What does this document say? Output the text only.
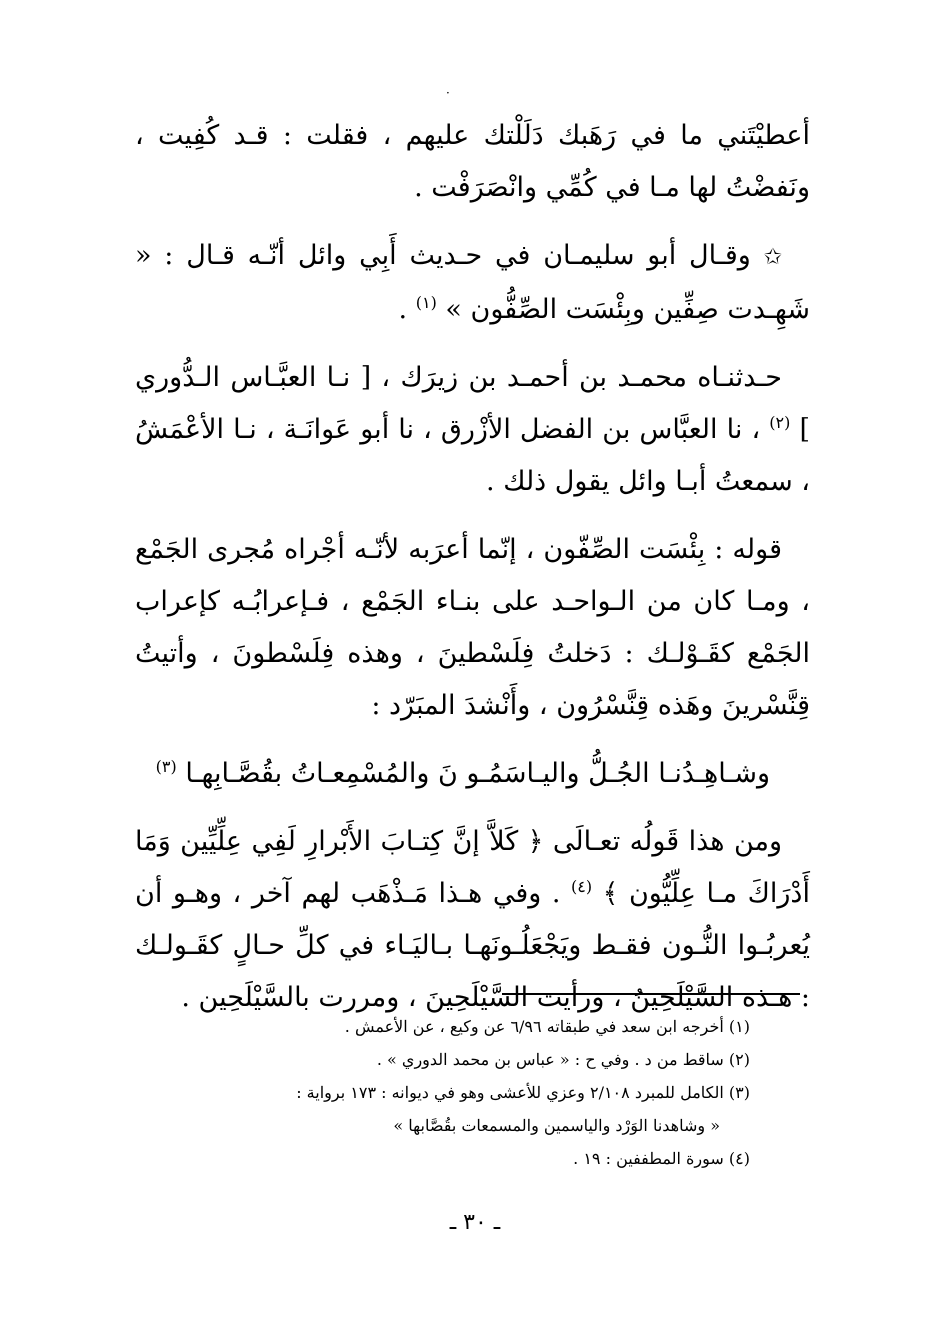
·

أعطيْتَني ما في رَهَبك دَلَلْتك عليهم ، فقلت : قـد كُفِيت ، ونَفضْتُ لها مـا في كُمِّي وانْصَرَفْت .

✩ وقـال أبو سليمـان في حـديث أَبِي وائل أنّـه قـال : « شَهِـدت صِفِّين وبِئْسَت الصِّفُّون » $^{(١)}$ .

حـدثنـاه محمـد بن أحمـد بن زيرَك ، [ نـا العبَّـاس الـدُّوري ] $^{(٢)}$ ، نا العبَّاس بن الفضل الأزْرق ، نا أبو عَوانَـة ، نـا الأعْمَشُ ، سمعتُ أبـا وائل يقول ذلك .

قوله : بِئْسَت الصِّفّون ، إنّما أعرَبه لأنّـه أجْراه مُجرى الجَمْع ، ومـا كان من الـواحـد على بنـاء الجَمْع ، فـإعرابُـه كإعراب الجَمْع كقَـوْلـك : دَخلتُ فِلَسْطينَ ، وهذه فِلَسْطونَ ، وأتيتُ قِنَّسْرينَ وهَذه قِنَّسْرُون ، وأَنْشدَ المبَرّد :

وشـاهِـدُنـا الجُـلُّ واليـاسَمُـو نَ والمُسْمِعـاتُ بقُصَّـابِهـا $^{(٣)}$

ومن هذا قَولُه تعـالَى ﴿ كَلاَّ إنَّ كِتـابَ الأَبْرارِ لَفِي عِلِّيِّين وَمَا أَدْرَاكَ مـا عِلِّيُّون ﴾ $^{(٤)}$ . وفي هـذا مَـذْهَب لهم آخر ، وهـو أن يُعربُـوا النُّـون فقـط ويَجْعَلُـونَهـا بـاليَـاء في كلِّ حـالٍ كقَـولـك : هـذه السَّيْلَحِينُ ، ورأيت السَّيْلَحِينَ ، ومررت بالسَّيْلَحِين .

(١) أخرجه ابن سعد في طبقاته ٦/٩٦ عن وكيع ، عن الأعمش .

(٢) ساقط من د . وفي ح : « عباس بن محمد الدوري » .

(٣) الكامل للمبرد ٢/١٠٨ وعزي للأعشى وهو في ديوانه : ١٧٣ برواية :

« وشاهدنا الوَرْد والياسمين والمسمعات بقُصَّابها »

(٤) سورة المطففين : ١٩ .

ـ ٣٠ ـ
